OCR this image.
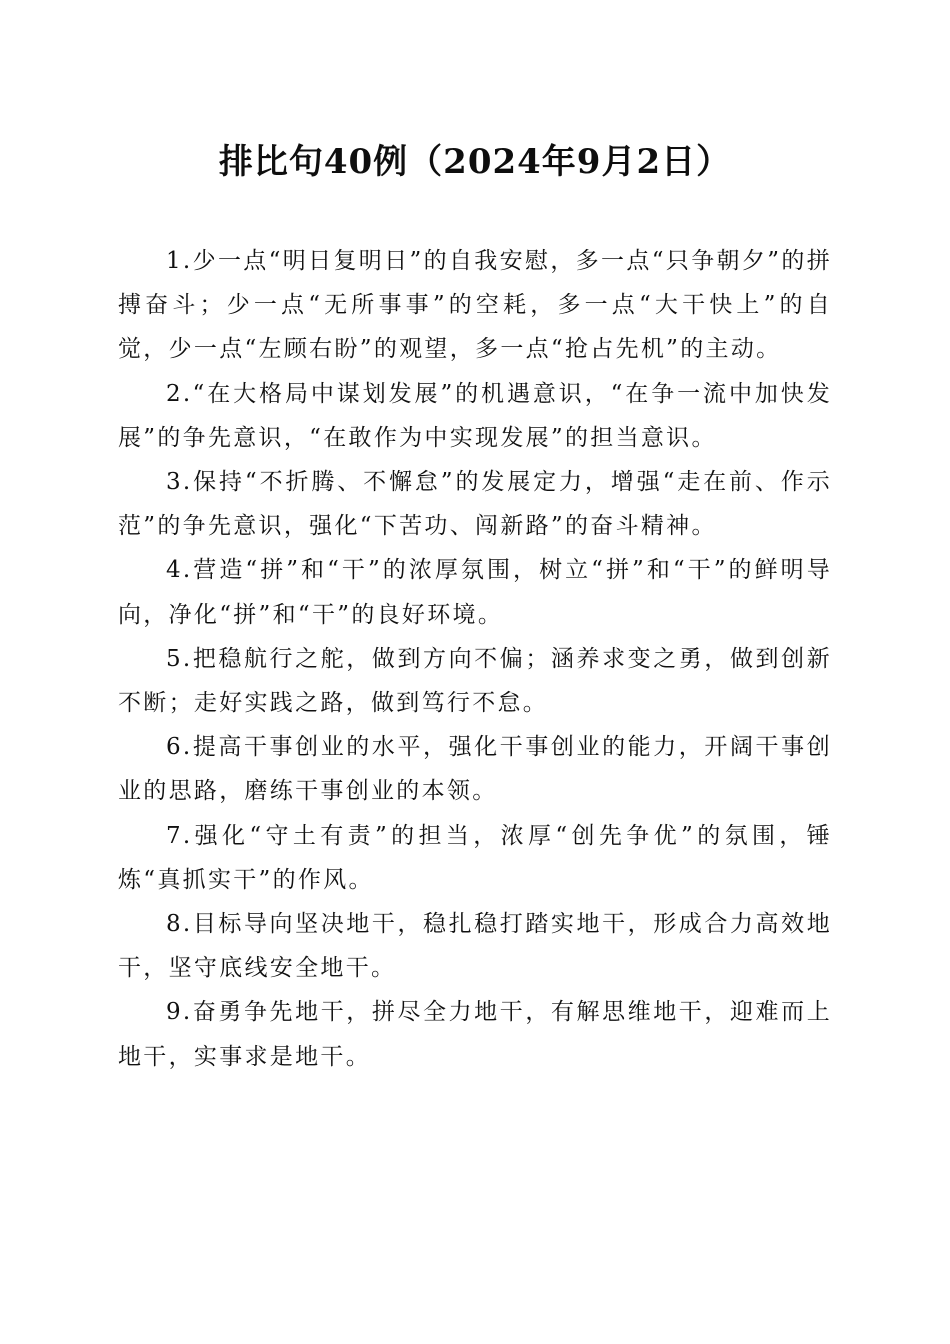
排比句40例（2024年9月2日）

1.少一点“明日复明日”的自我安慰，多一点“只争朝夕”的拼搏奋斗；少一点“无所事事”的空耗，多一点“大干快上”的自觉，少一点“左顾右盼”的观望，多一点“抢占先机”的主动。

2.“在大格局中谋划发展”的机遇意识，“在争一流中加快发展”的争先意识，“在敢作为中实现发展”的担当意识。

3.保持“不折腾、不懈怠”的发展定力，增强“走在前、作示范”的争先意识，强化“下苦功、闯新路”的奋斗精神。

4.营造“拼”和“干”的浓厚氛围，树立“拼”和“干”的鲜明导向，净化“拼”和“干”的良好环境。

5.把稳航行之舵，做到方向不偏；涵养求变之勇，做到创新不断；走好实践之路，做到笃行不怠。

6.提高干事创业的水平，强化干事创业的能力，开阔干事创业的思路，磨练干事创业的本领。

7.强化“守土有责”的担当，浓厚“创先争优”的氛围，锤炼“真抓实干”的作风。

8.目标导向坚决地干，稳扎稳打踏实地干，形成合力高效地干，坚守底线安全地干。

9.奋勇争先地干，拼尽全力地干，有解思维地干，迎难而上地干，实事求是地干。
